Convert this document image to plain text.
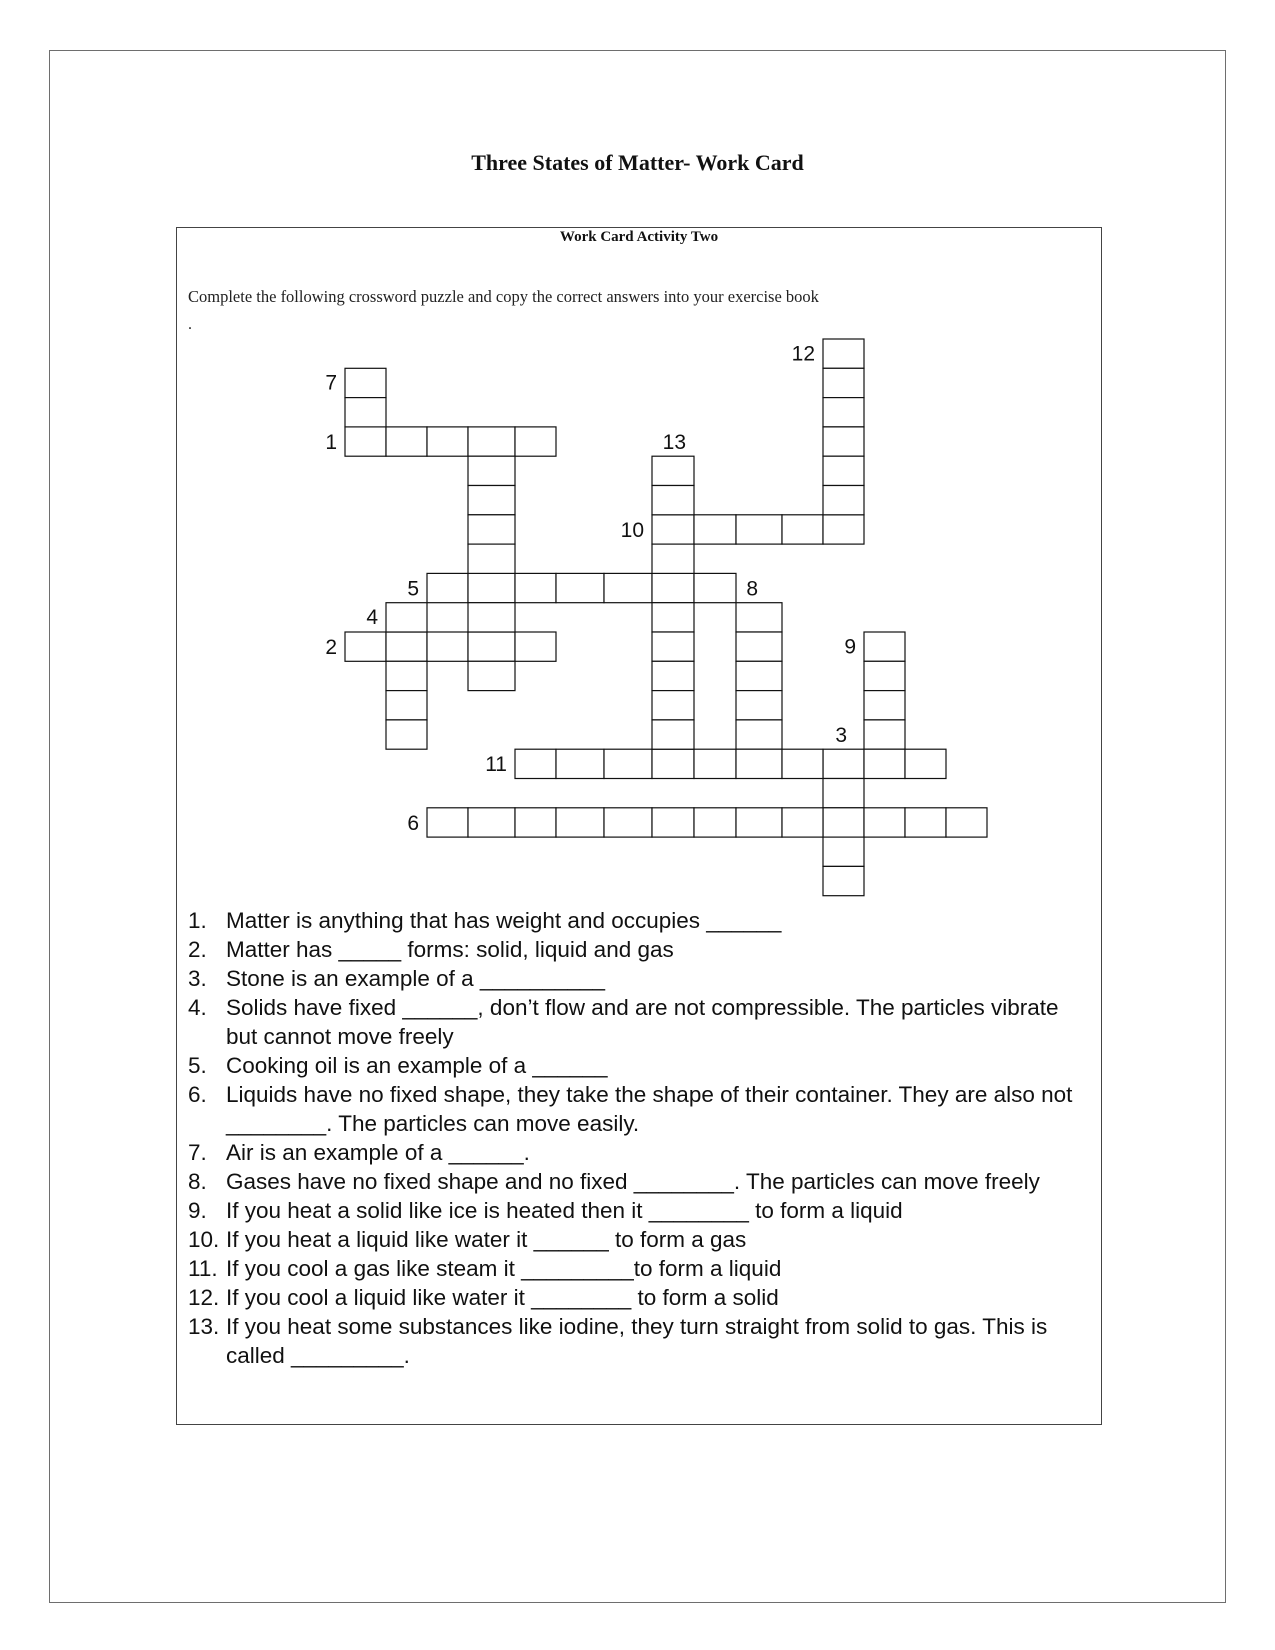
Three States of Matter- Work Card
Work Card Activity Two
Complete the following crossword puzzle and copy the correct answers into your exercise book
.
1
2
3
4
5
6
7
8
9
10
11
12
13
1. Matter is anything that has weight and occupies ______
2. Matter has _____ forms: solid, liquid and gas
3. Stone is an example of a __________
4. Solids have fixed ______, don’t flow and are not compressible. The particles vibrate but cannot move freely
5. Cooking oil is an example of a ______
6. Liquids have no fixed shape, they take the shape of their container. They are also not ________. The particles can move easily.
7. Air is an example of a ______.
8. Gases have no fixed shape and no fixed ________. The particles can move freely
9. If you heat a solid like ice is heated then it ________ to form a liquid
10. If you heat a liquid like water it ______ to form a gas
11. If you cool a gas like steam it _________to form a liquid
12. If you cool a liquid like water it ________ to form a solid
13. If you heat some substances like iodine, they turn straight from solid to gas. This is called _________.
